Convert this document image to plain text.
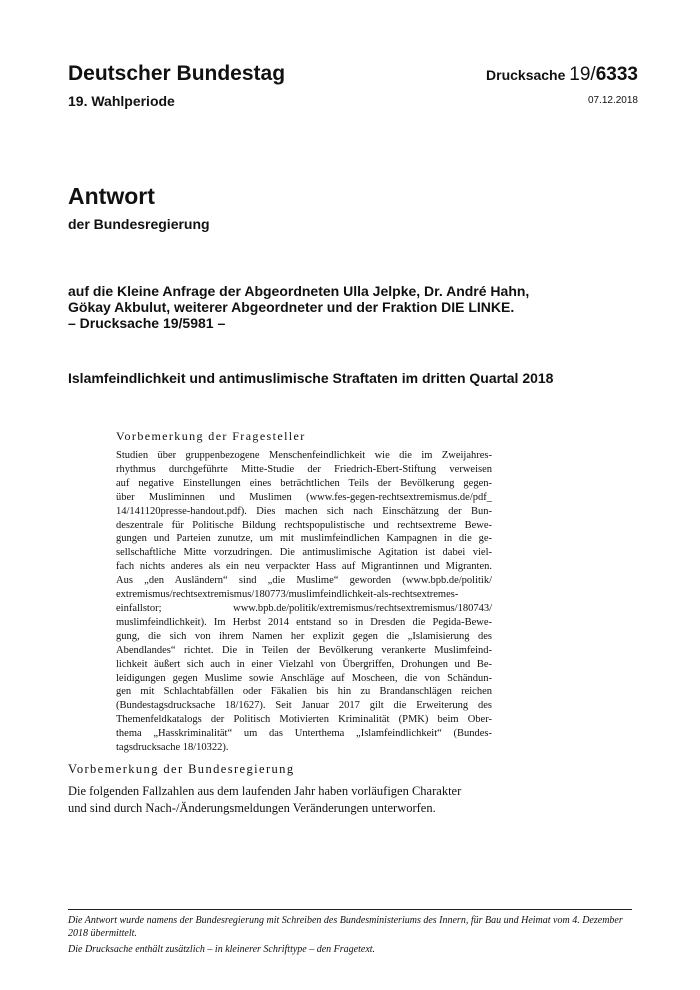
Deutscher Bundestag
19. Wahlperiode
Drucksache 19/6333
07.12.2018
Antwort
der Bundesregierung
auf die Kleine Anfrage der Abgeordneten Ulla Jelpke, Dr. André Hahn,
Gökay Akbulut, weiterer Abgeordneter und der Fraktion DIE LINKE.
– Drucksache 19/5981 –
Islamfeindlichkeit und antimuslimische Straftaten im dritten Quartal 2018
Vorbemerkung der Fragesteller
Studien über gruppenbezogene Menschenfeindlichkeit wie die im Zweijahres-
rhythmus durchgeführte Mitte-Studie der Friedrich-Ebert-Stiftung verweisen
auf negative Einstellungen eines beträchtlichen Teils der Bevölkerung gegen-
über Musliminnen und Muslimen (www.fes-gegen-rechtsextremismus.de/pdf_
14/141120presse-handout.pdf). Dies machen sich nach Einschätzung der Bun-
deszentrale für Politische Bildung rechtspopulistische und rechtsextreme Bewe-
gungen und Parteien zunutze, um mit muslimfeindlichen Kampagnen in die ge-
sellschaftliche Mitte vorzudringen. Die antimuslimische Agitation ist dabei viel-
fach nichts anderes als ein neu verpackter Hass auf Migrantinnen und Migranten.
Aus „den Ausländern“ sind „die Muslime“ geworden (www.bpb.de/politik/
extremismus/rechtsextremismus/180773/muslimfeindlichkeit-als-rechtsextremes-
einfallstor; www.bpb.de/politik/extremismus/rechtsextremismus/180743/
muslimfeindlichkeit). Im Herbst 2014 entstand so in Dresden die Pegida-Bewe-
gung, die sich von ihrem Namen her explizit gegen die „Islamisierung des
Abendlandes“ richtet. Die in Teilen der Bevölkerung verankerte Muslimfeind-
lichkeit äußert sich auch in einer Vielzahl von Übergriffen, Drohungen und Be-
leidigungen gegen Muslime sowie Anschläge auf Moscheen, die von Schändun-
gen mit Schlachtabfällen oder Fäkalien bis hin zu Brandanschlägen reichen
(Bundestagsdrucksache 18/1627). Seit Januar 2017 gilt die Erweiterung des
Themenfeldkatalogs der Politisch Motivierten Kriminalität (PMK) beim Ober-
thema „Hasskriminalität“ um das Unterthema „Islamfeindlichkeit“ (Bundes-
tagsdrucksache 18/10322).
Vorbemerkung der Bundesregierung
Die folgenden Fallzahlen aus dem laufenden Jahr haben vorläufigen Charakter
und sind durch Nach-/Änderungsmeldungen Veränderungen unterworfen.
Die Antwort wurde namens der Bundesregierung mit Schreiben des Bundesministeriums des Innern, für Bau und Heimat vom 4. Dezember 2018 übermittelt.
Die Drucksache enthält zusätzlich – in kleinerer Schrifttype – den Fragetext.
